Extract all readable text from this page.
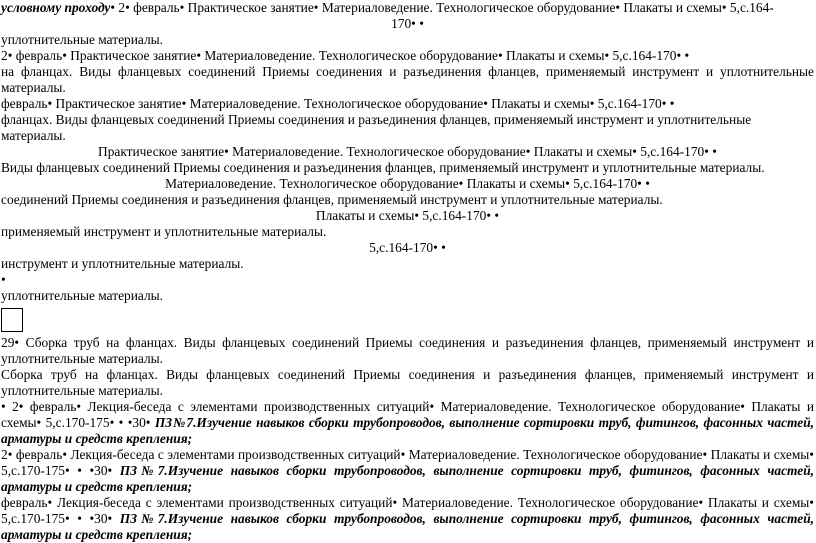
условному проходу• 2• февраль• Практическое занятие• Материаловедение. Технологическое оборудование• Плакаты и схемы• 5,с.164-

170• •

уплотнительные материалы.

2• февраль• Практическое занятие• Материаловедение. Технологическое оборудование• Плакаты и схемы• 5,с.164-170• •

на фланцах. Виды фланцевых соединений Приемы соединения и разъединения фланцев, применяемый инструмент и уплотнительные материалы.

февраль• Практическое занятие• Материаловедение. Технологическое оборудование• Плакаты и схемы• 5,с.164-170• •

фланцах. Виды фланцевых соединений Приемы соединения и разъединения фланцев, применяемый инструмент и уплотнительные материалы.

Практическое занятие• Материаловедение. Технологическое оборудование• Плакаты и схемы• 5,с.164-170• •

Виды фланцевых соединений Приемы соединения и разъединения фланцев, применяемый инструмент и уплотнительные материалы.

Материаловедение. Технологическое оборудование• Плакаты и схемы• 5,с.164-170• •

соединений Приемы соединения и разъединения фланцев, применяемый инструмент и уплотнительные материалы.

Плакаты и схемы• 5,с.164-170• •

применяемый инструмент и уплотнительные материалы.

5,с.164-170• •

инструмент и уплотнительные материалы.

•

уплотнительные материалы.

29• Сборка труб на фланцах. Виды фланцевых соединений Приемы соединения и разъединения фланцев, применяемый инструмент и уплотнительные материалы.

Сборка труб на фланцах. Виды фланцевых соединений Приемы соединения и разъединения фланцев, применяемый инструмент и уплотнительные материалы.

• 2• февраль• Лекция-беседа с элементами производственных ситуаций• Материаловедение. Технологическое оборудование• Плакаты и схемы• 5,с.170-175• • •30• ПЗ№7.Изучение навыков сборки трубопроводов, выполнение сортировки труб, фитингов, фасонных частей, арматуры и средств крепления;

2• февраль• Лекция-беседа с элементами производственных ситуаций• Материаловедение. Технологическое оборудование• Плакаты и схемы• 5,с.170-175• • •30• ПЗ№7.Изучение навыков сборки трубопроводов, выполнение сортировки труб, фитингов, фасонных частей, арматуры и средств крепления;

февраль• Лекция-беседа с элементами производственных ситуаций• Материаловедение. Технологическое оборудование• Плакаты и схемы• 5,с.170-175• • •30• ПЗ№7.Изучение навыков сборки трубопроводов, выполнение сортировки труб, фитингов, фасонных частей, арматуры и средств крепления;
